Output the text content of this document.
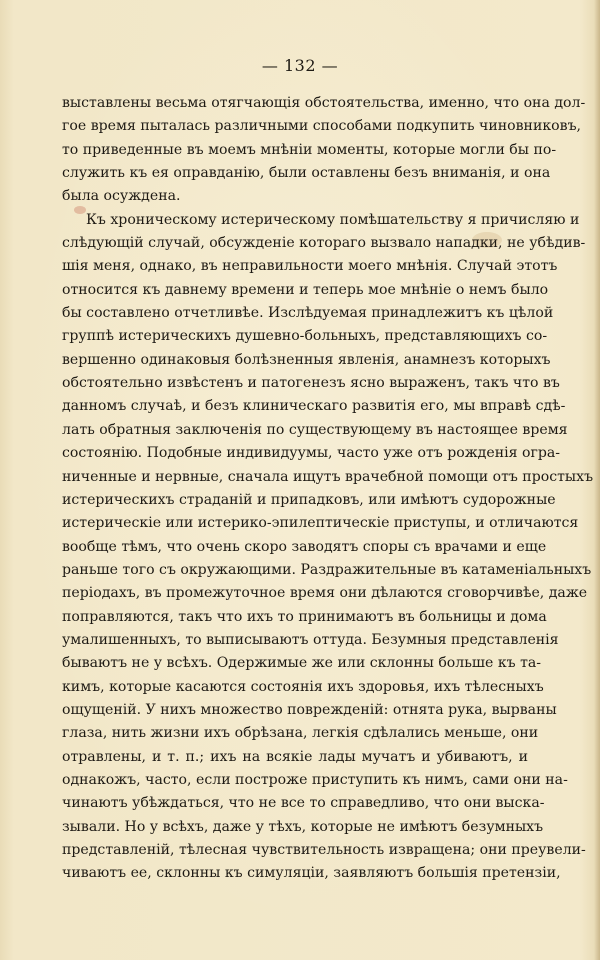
— 132 —
выставлены весьма отягчающія обстоятельства, именно, что она дол-
гое время пыталась различными способами подкупить чиновниковъ,
то приведенные въ моемъ мнѣніи моменты, которые могли бы по-
служить къ ея оправданію, были оставлены безъ вниманія, и она
была осуждена.
Къ хроническому истерическому помѣшательству я причисляю и
слѣдующій случай, обсужденіе котораго вызвало нападки, не убѣдив-
шія меня, однако, въ неправильности моего мнѣнія. Случай этотъ
относится къ давнему времени и теперь мое мнѣніе о немъ было
бы составлено отчетливѣе. Изслѣдуемая принадлежитъ къ цѣлой
группѣ истерическихъ душевно-больныхъ, представляющихъ со-
вершенно одинаковыя болѣзненныя явленія, анамнезъ которыхъ
обстоятельно извѣстенъ и патогенезъ ясно выраженъ, такъ что въ
данномъ случаѣ, и безъ клиническаго развитія его, мы вправѣ сдѣ-
лать обратныя заключенія по существующему въ настоящее время
состоянію. Подобные индивидуумы, часто уже отъ рожденія огра-
ниченные и нервные, сначала ищутъ врачебной помощи отъ простыхъ
истерическихъ страданій и припадковъ, или имѣютъ судорожные
истерическіе или истерико-эпилептическіе приступы, и отличаются
вообще тѣмъ, что очень скоро заводятъ споры съ врачами и еще
раньше того съ окружающими. Раздражительные въ катаменіальныхъ
періодахъ, въ промежуточное время они дѣлаются сговорчивѣе, даже
поправляются, такъ что ихъ то принимаютъ въ больницы и дома
умалишенныхъ, то выписываютъ оттуда. Безумныя представленія
бываютъ не у всѣхъ. Одержимые же или склонны больше къ та-
кимъ, которые касаются состоянія ихъ здоровья, ихъ тѣлесныхъ
ощущеній. У нихъ множество поврежденій: отнята рука, вырваны
глаза, нить жизни ихъ обрѣзана, легкія сдѣлались меньше, они
отравлены, и т. п.; ихъ на всякіе лады мучатъ и убиваютъ, и
однакожъ, часто, если построже приступить къ нимъ, сами они на-
чинаютъ убѣждаться, что не все то справедливо, что они выска-
зывали. Но у всѣхъ, даже у тѣхъ, которые не имѣютъ безумныхъ
представленій, тѣлесная чувствительность извращена; они преувели-
чиваютъ ее, склонны къ симуляціи, заявляютъ большія претензіи,
